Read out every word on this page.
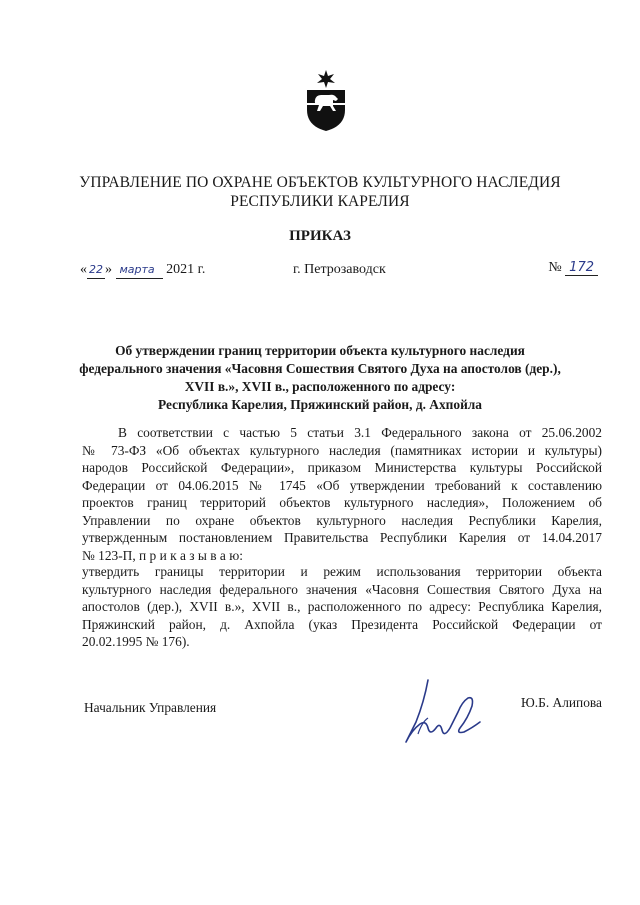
УПРАВЛЕНИЕ ПО ОХРАНЕ ОБЪЕКТОВ КУЛЬТУРНОГО НАСЛЕДИЯ
РЕСПУБЛИКИ КАРЕЛИЯ
ПРИКАЗ
« 22 » марта 2021 г.	г. Петрозаводск	№ 172
Об утверждении границ территории объекта культурного наследия
федерального значения «Часовня Сошествия Святого Духа на апостолов (дер.),
XVII в.», XVII в., расположенного по адресу:
Республика Карелия, Пряжинский район, д. Ахпойла
В соответствии с частью 5 статьи 3.1 Федерального закона от 25.06.2002
№ 73-ФЗ «Об объектах культурного наследия (памятниках истории и культуры)
народов Российской Федерации», приказом Министерства культуры Российской
Федерации от 04.06.2015 № 1745 «Об утверждении требований к составлению
проектов границ территорий объектов культурного наследия», Положением об
Управлении по охране объектов культурного наследия Республики Карелия,
утвержденным постановлением Правительства Республики Карелия от 14.04.2017
№ 123-П, п р и к а з ы в а ю:
утвердить границы территории и режим использования территории объекта
культурного наследия федерального значения «Часовня Сошествия Святого Духа на
апостолов (дер.), XVII в.», XVII в., расположенного по адресу: Республика Карелия,
Пряжинский район, д. Ахпойла (указ Президента Российской Федерации от
20.02.1995 № 176).
Начальник Управления	Ю.Б. Алипова
